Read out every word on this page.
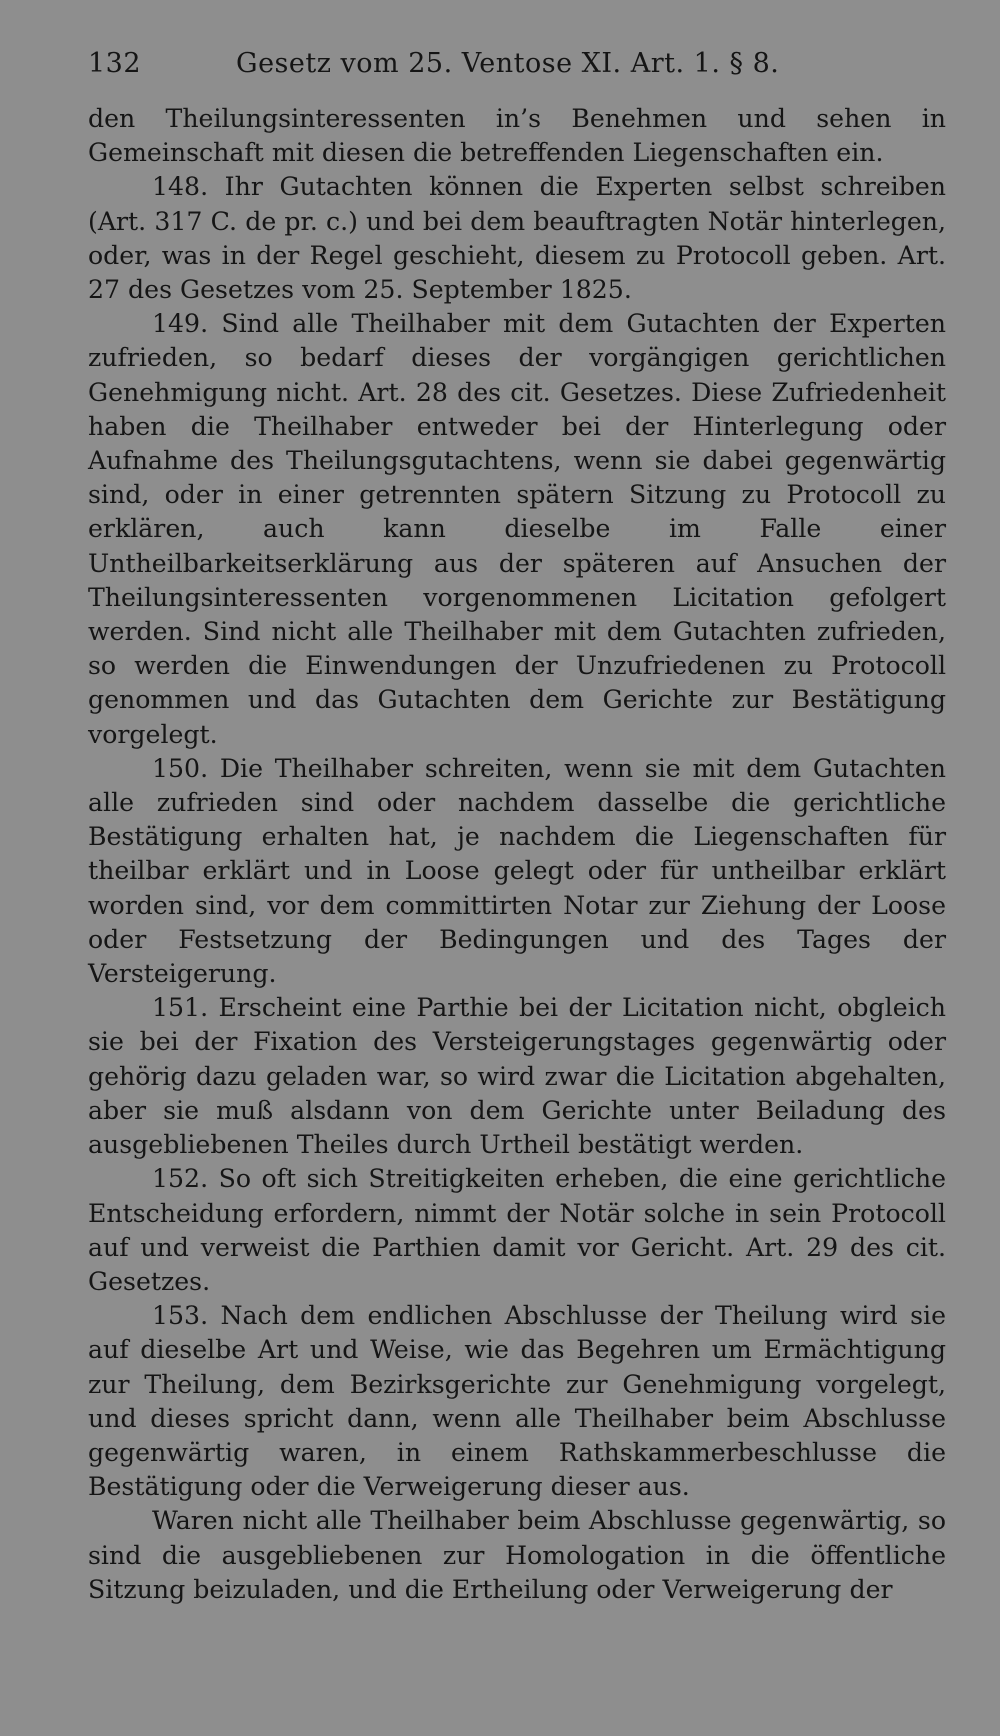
132	Gesetz vom 25. Ventose XI. Art. 1. § 8.

den Theilungsinteressenten in’s Benehmen und sehen in Gemeinschaft mit diesen die betreffenden Liegenschaften ein.

148. Ihr Gutachten können die Experten selbst schreiben (Art. 317 C. de pr. c.) und bei dem beauftragten Notär hinterlegen, oder, was in der Regel geschieht, diesem zu Protocoll geben. Art. 27 des Gesetzes vom 25. September 1825.

149. Sind alle Theilhaber mit dem Gutachten der Experten zufrieden, so bedarf dieses der vorgängigen gerichtlichen Genehmigung nicht. Art. 28 des cit. Gesetzes. Diese Zufriedenheit haben die Theilhaber entweder bei der Hinterlegung oder Aufnahme des Theilungsgutachtens, wenn sie dabei gegenwärtig sind, oder in einer getrennten spätern Sitzung zu Protocoll zu erklären, auch kann dieselbe im Falle einer Untheilbarkeitserklärung aus der späteren auf Ansuchen der Theilungsinteressenten vorgenommenen Licitation gefolgert werden. Sind nicht alle Theilhaber mit dem Gutachten zufrieden, so werden die Einwendungen der Unzufriedenen zu Protocoll genommen und das Gutachten dem Gerichte zur Bestätigung vorgelegt.

150. Die Theilhaber schreiten, wenn sie mit dem Gutachten alle zufrieden sind oder nachdem dasselbe die gerichtliche Bestätigung erhalten hat, je nachdem die Liegenschaften für theilbar erklärt und in Loose gelegt oder für untheilbar erklärt worden sind, vor dem committirten Notar zur Ziehung der Loose oder Festsetzung der Bedingungen und des Tages der Versteigerung.

151. Erscheint eine Parthie bei der Licitation nicht, obgleich sie bei der Fixation des Versteigerungstages gegenwärtig oder gehörig dazu geladen war, so wird zwar die Licitation abgehalten, aber sie muß alsdann von dem Gerichte unter Beiladung des ausgebliebenen Theiles durch Urtheil bestätigt werden.

152. So oft sich Streitigkeiten erheben, die eine gerichtliche Entscheidung erfordern, nimmt der Notär solche in sein Protocoll auf und verweist die Parthien damit vor Gericht. Art. 29 des cit. Gesetzes.

153. Nach dem endlichen Abschlusse der Theilung wird sie auf dieselbe Art und Weise, wie das Begehren um Ermächtigung zur Theilung, dem Bezirksgerichte zur Genehmigung vorgelegt, und dieses spricht dann, wenn alle Theilhaber beim Abschlusse gegenwärtig waren, in einem Rathskammerbeschlusse die Bestätigung oder die Verweigerung dieser aus.

Waren nicht alle Theilhaber beim Abschlusse gegenwärtig, so sind die ausgebliebenen zur Homologation in die öffentliche Sitzung beizuladen, und die Ertheilung oder Verweigerung der
